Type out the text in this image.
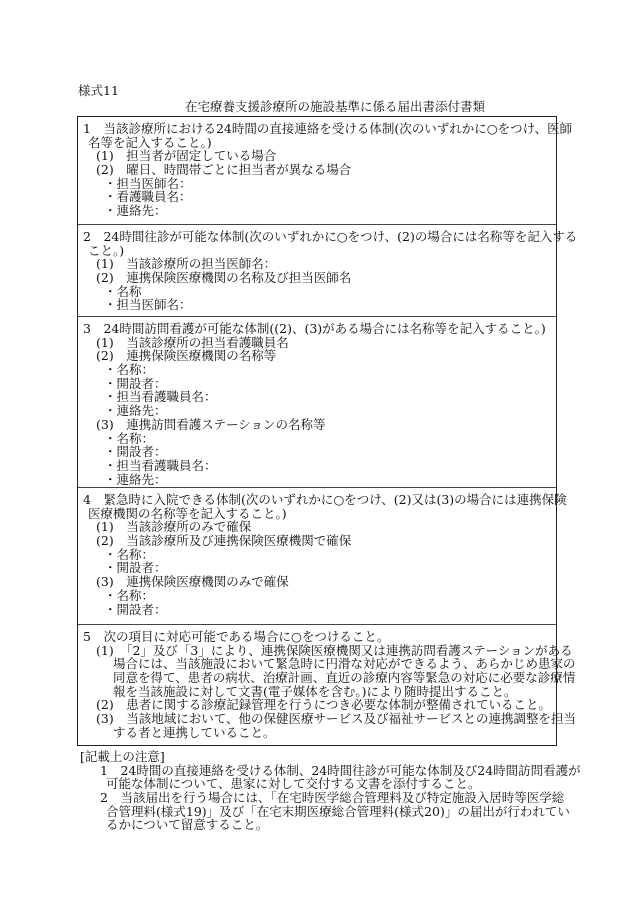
様式11
在宅療養支援診療所の施設基準に係る届出書添付書類
1　当該診療所における24時間の直接連絡を受ける体制(次のいずれかに○をつけ、医師
名等を記入すること。)
(1)　担当者が固定している場合
(2)　曜日、時間帯ごとに担当者が異なる場合
・担当医師名：
・看護職員名：
・連絡先：
2　24時間往診が可能な体制(次のいずれかに○をつけ、(2)の場合には名称等を記入する
こと。)
(1)　当該診療所の担当医師名：
(2)　連携保険医療機関の名称及び担当医師名
・名称
・担当医師名：
3　24時間訪問看護が可能な体制((2)、(3)がある場合には名称等を記入すること。)
(1)　当該診療所の担当看護職員名
(2)　連携保険医療機関の名称等
・名称：
・開設者：
・担当看護職員名：
・連絡先：
(3)　連携訪問看護ステーションの名称等
・名称：
・開設者：
・担当看護職員名：
・連絡先：
4　緊急時に入院できる体制(次のいずれかに○をつけ、(2)又は(3)の場合には連携保険
医療機関の名称等を記入すること。)
(1)　当該診療所のみで確保
(2)　当該診療所及び連携保険医療機関で確保
・名称：
・開設者：
(3)　連携保険医療機関のみで確保
・名称：
・開設者：
5　次の項目に対応可能である場合に○をつけること。
(1)　「2」及び「3」により、連携保険医療機関又は連携訪問看護ステーションがある
場合には、当該施設において緊急時に円滑な対応ができるよう、あらかじめ患家の
同意を得て、患者の病状、治療計画、直近の診療内容等緊急の対応に必要な診療情
報を当該施設に対して文書(電子媒体を含む。)により随時提出すること。
(2)　患者に関する診療記録管理を行うにつき必要な体制が整備されていること。
(3)　当該地域において、他の保健医療サービス及び福祉サービスとの連携調整を担当
する者と連携していること。
[記載上の注意]
1　24時間の直接連絡を受ける体制、24時間往診が可能な体制及び24時間訪問看護が
可能な体制について、患家に対して交付する文書を添付すること。
2　当該届出を行う場合には、「在宅時医学総合管理料及び特定施設入居時等医学総
合管理料(様式19)」及び「在宅末期医療総合管理料(様式20)」の届出が行われてい
るかについて留意すること。
